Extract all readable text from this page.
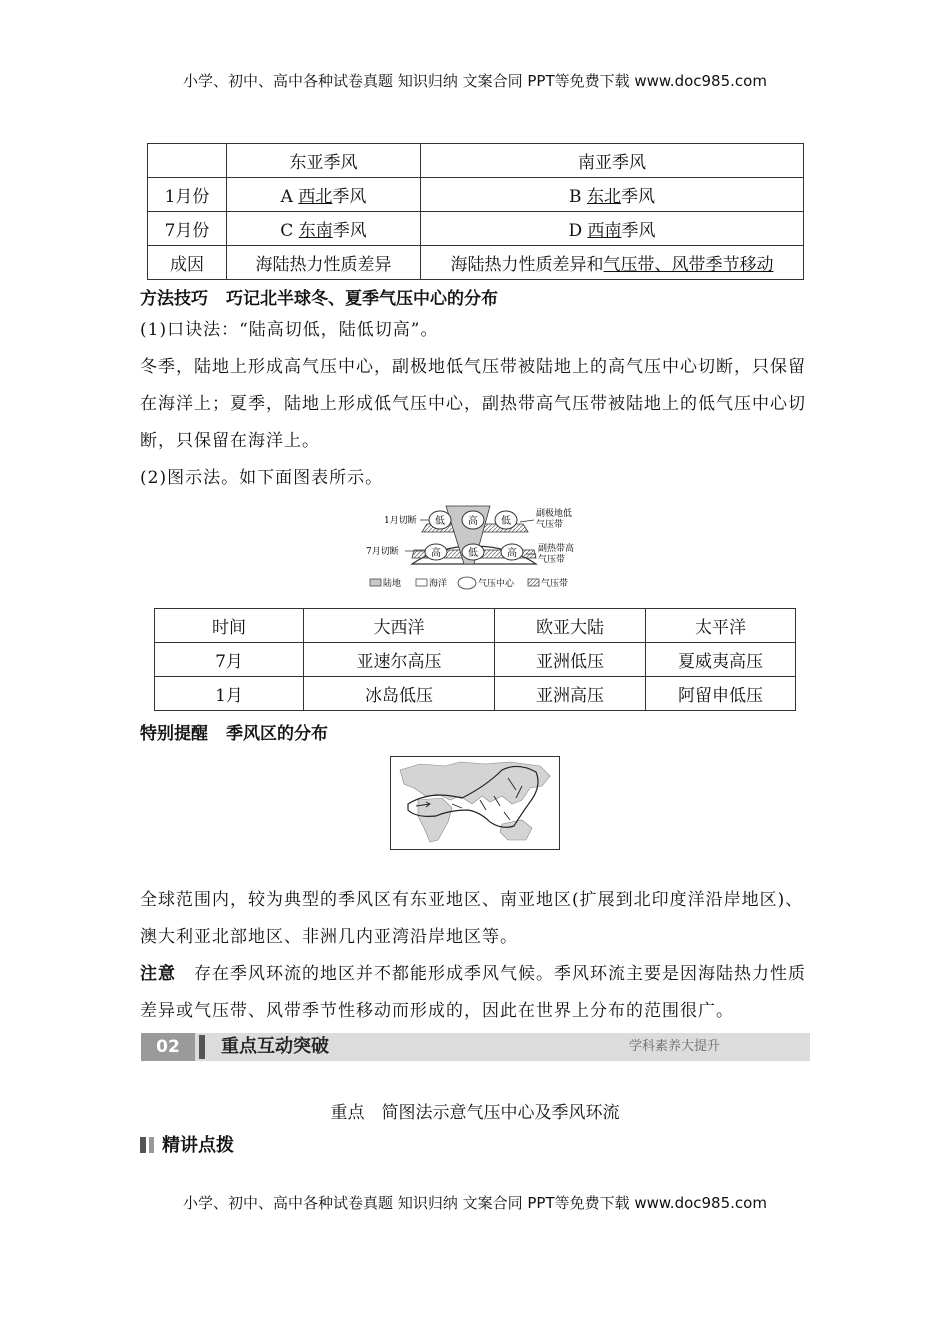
小学、初中、高中各种试卷真题 知识归纳 文案合同 PPT等免费下载 www.doc985.com
	东亚季风	南亚季风
1月份	A 西北季风	B 东北季风
7月份	C 东南季风	D 西南季风
成因	海陆热力性质差异	海陆热力性质差异和气压带、风带季节移动
方法技巧 巧记北半球冬、夏季气压中心的分布
(1)口诀法：“陆高切低，陆低切高”。
冬季，陆地上形成高气压中心，副极地低气压带被陆地上的高气压中心切断，只保留在海洋上；夏季，陆地上形成低气压中心，副热带高气压带被陆地上的低气压中心切断，只保留在海洋上。
(2)图示法。如下面图表所示。
低 高 低
高	低	高
1月切断
7月切断
副极地低
气压带
副热带高
气压带
陆地	海洋	气压中心	气压带
时间	大西洋	欧亚大陆	太平洋
7月	亚速尔高压	亚洲低压	夏威夷高压
1月	冰岛低压	亚洲高压	阿留申低压
特别提醒 季风区的分布
全球范围内，较为典型的季风区有东亚地区、南亚地区(扩展到北印度洋沿岸地区)、澳大利亚北部地区、非洲几内亚湾沿岸地区等。
注意 存在季风环流的地区并不都能形成季风气候。季风环流主要是因海陆热力性质差异或气压带、风带季节性移动而形成的，因此在世界上分布的范围很广。
02	重点互动突破	学科素养大提升
重点　简图法示意气压中心及季风环流
精讲点拨
小学、初中、高中各种试卷真题 知识归纳 文案合同 PPT等免费下载 www.doc985.com
